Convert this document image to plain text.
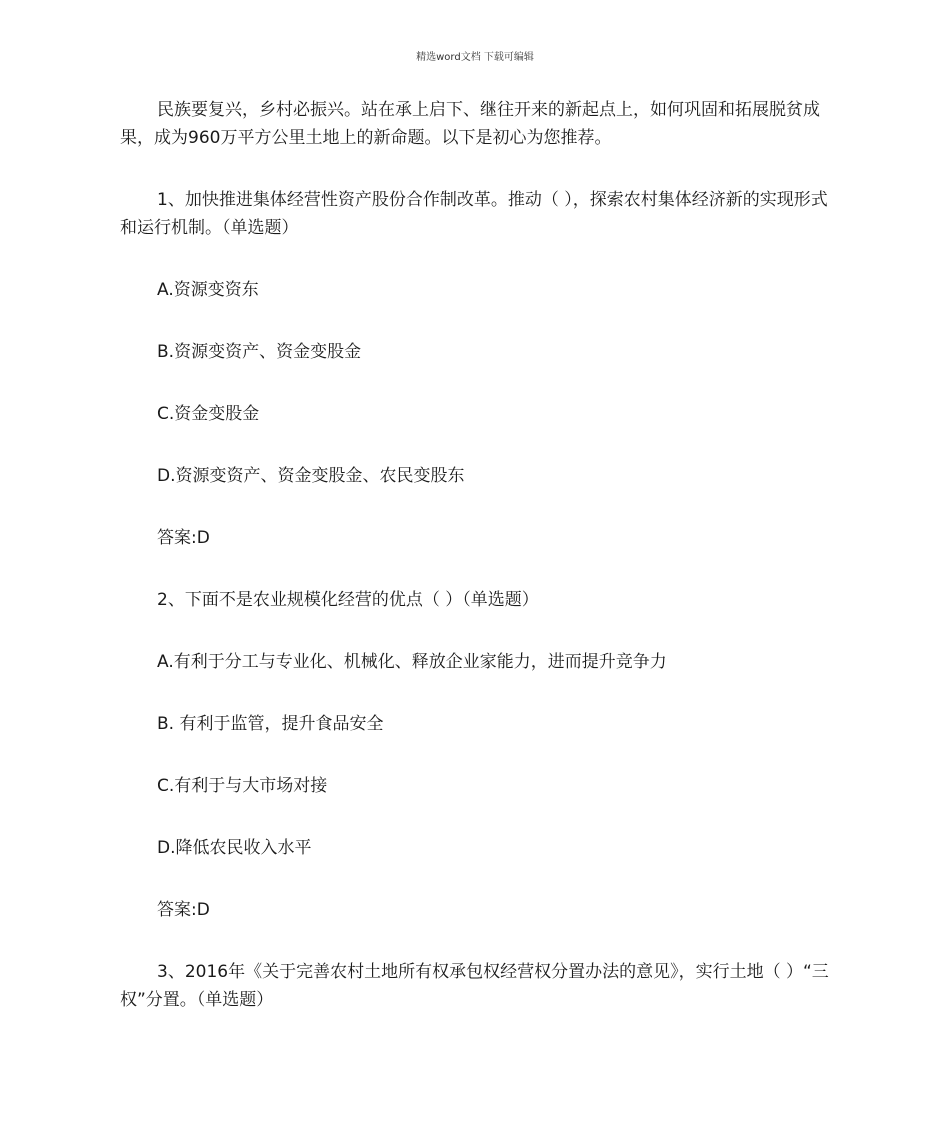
精选word文档 下载可编辑

民族要复兴，乡村必振兴。站在承上启下、继往开来的新起点上，如何巩固和拓展脱贫成果，成为960万平方公里土地上的新命题。以下是初心为您推荐。

1、加快推进集体经营性资产股份合作制改革。推动（ ），探索农村集体经济新的实现形式和运行机制。（单选题）

A.资源变资东

B.资源变资产、资金变股金

C.资金变股金

D.资源变资产、资金变股金、农民变股东

答案:D

2、下面不是农业规模化经营的优点（ ）（单选题）

A.有利于分工与专业化、机械化、释放企业家能力，进而提升竞争力

B. 有利于监管，提升食品安全

C.有利于与大市场对接

D.降低农民收入水平

答案:D

3、2016年《关于完善农村土地所有权承包权经营权分置办法的意见》，实行土地（ ）“三权”分置。（单选题）
